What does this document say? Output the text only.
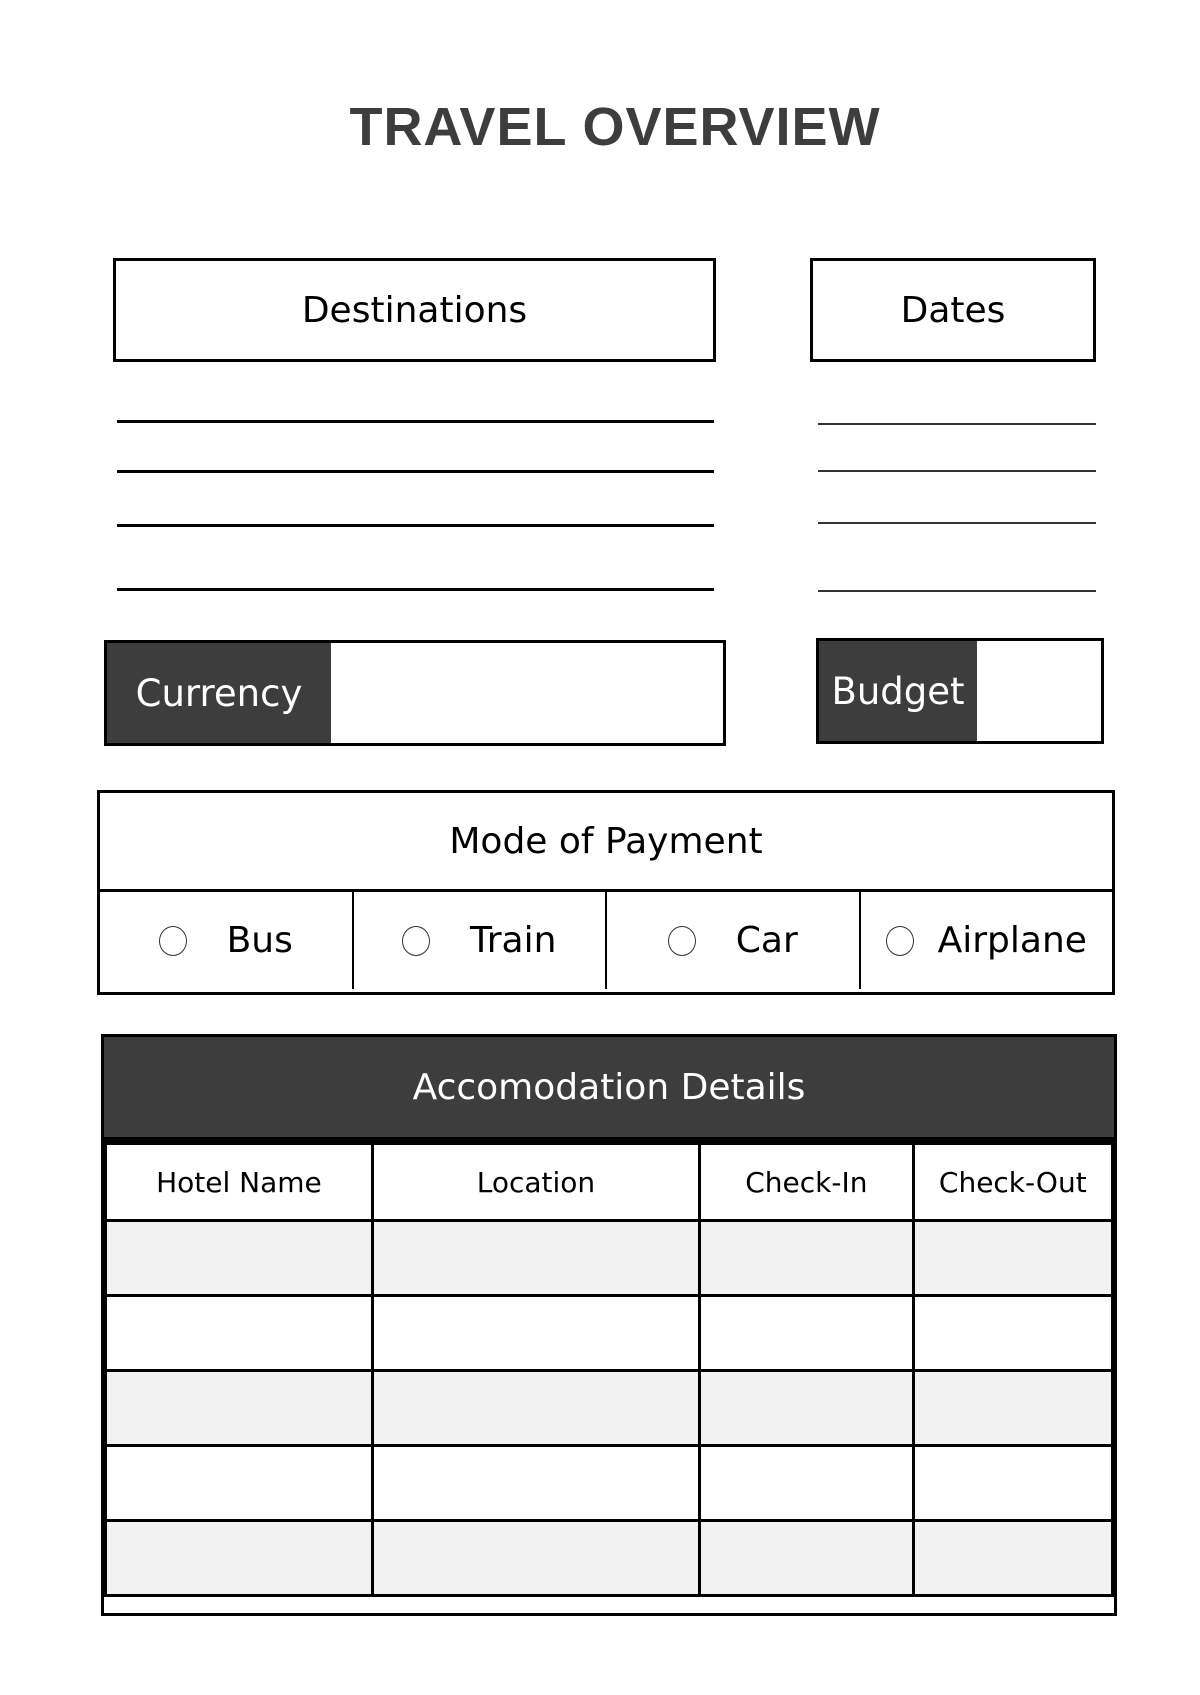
TRAVEL OVERVIEW
Destinations	Dates
Currency	Budget
Mode of Payment
Bus	Train	Car	Airplane
Accomodation Details
Hotel Name	Location	Check-In	Check-Out
